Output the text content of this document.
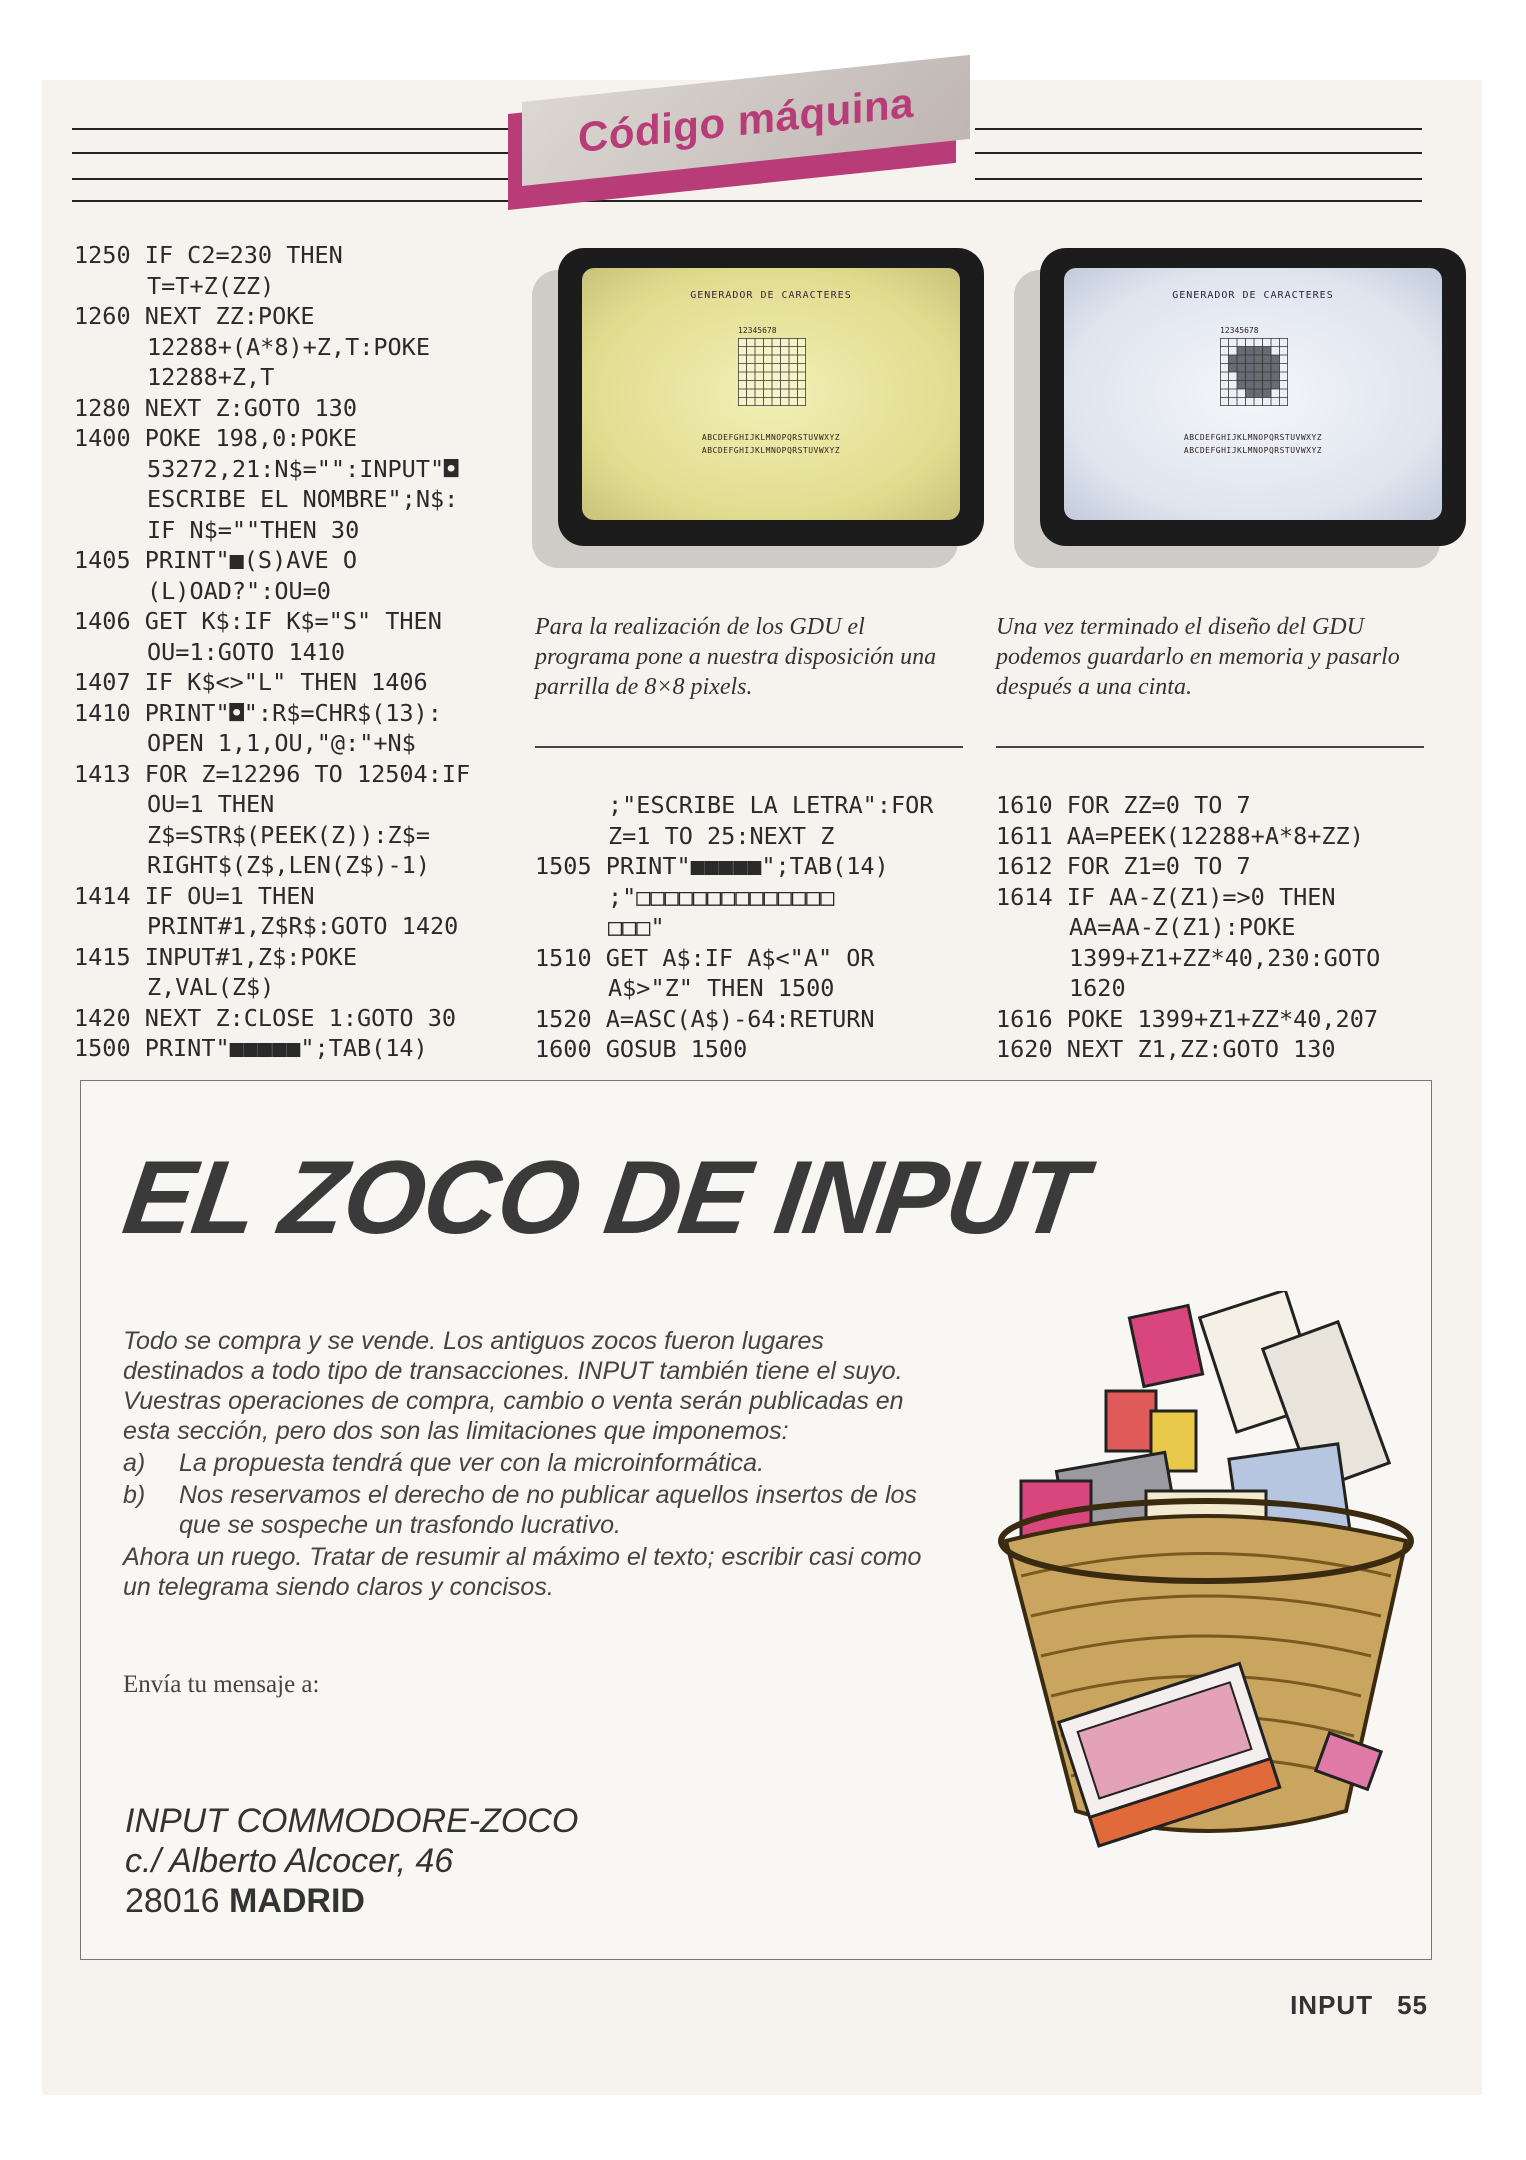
Código máquina
1250 IF C2=230 THEN
T=T+Z(ZZ)
1260 NEXT ZZ:POKE
12288+(A*8)+Z,T:POKE
12288+Z,T
1280 NEXT Z:GOTO 130
1400 POKE 198,0:POKE
53272,21:N$="":INPUT"◘
ESCRIBE EL NOMBRE";N$:
IF N$=""THEN 30
1405 PRINT"■(S)AVE O
(L)OAD?":OU=0
1406 GET K$:IF K$="S" THEN
OU=1:GOTO 1410
1407 IF K$<>"L" THEN 1406
1410 PRINT"◘":R$=CHR$(13):
OPEN 1,1,OU,"@:"+N$
1413 FOR Z=12296 TO 12504:IF
OU=1 THEN
Z$=STR$(PEEK(Z)):Z$=
RIGHT$(Z$,LEN(Z$)-1)
1414 IF OU=1 THEN
PRINT#1,Z$R$:GOTO 1420
1415 INPUT#1,Z$:POKE
Z,VAL(Z$)
1420 NEXT Z:CLOSE 1:GOTO 30
1500 PRINT"■■■■■";TAB(14)
;"ESCRIBE LA LETRA":FOR
Z=1 TO 25:NEXT Z
1505 PRINT"■■■■■";TAB(14)
;"□□□□□□□□□□□□□□
□□□"
1510 GET A$:IF A$<"A" OR
A$>"Z" THEN 1500
1520 A=ASC(A$)-64:RETURN
1600 GOSUB 1500
1610 FOR ZZ=0 TO 7
1611 AA=PEEK(12288+A*8+ZZ)
1612 FOR Z1=0 TO 7
1614 IF AA-Z(Z1)=>0 THEN
AA=AA-Z(Z1):POKE
1399+Z1+ZZ*40,230:GOTO
1620
1616 POKE 1399+Z1+ZZ*40,207
1620 NEXT Z1,ZZ:GOTO 130
GENERADOR DE CARACTERES
12345678
ABCDEFGHIJKLMNOPQRSTUVWXYZ
ABCDEFGHIJKLMNOPQRSTUVWXYZ
GENERADOR DE CARACTERES
12345678
ABCDEFGHIJKLMNOPQRSTUVWXYZ
ABCDEFGHIJKLMNOPQRSTUVWXYZ
Para la realización de los GDU el programa pone a nuestra disposición una parrilla de 8×8 pixels.
Una vez terminado el diseño del GDU podemos guardarlo en memoria y pasarlo después a una cinta.
EL ZOCO DE INPUT

Todo se compra y se vende. Los antiguos zocos fueron lugares destinados a todo tipo de transacciones. INPUT también tiene el suyo. Vuestras operaciones de compra, cambio o venta serán publicadas en esta sección, pero dos son las limitaciones que imponemos:

a) La propuesta tendrá que ver con la microinformática.

b) Nos reservamos el derecho de no publicar aquellos insertos de los que se sospeche un trasfondo lucrativo.

Ahora un ruego. Tratar de resumir al máximo el texto; escribir casi como un telegrama siendo claros y concisos.

Envía tu mensaje a:
INPUT COMMODORE-ZOCO
c./ Alberto Alcocer, 46
28016 MADRID
INPUT 55
